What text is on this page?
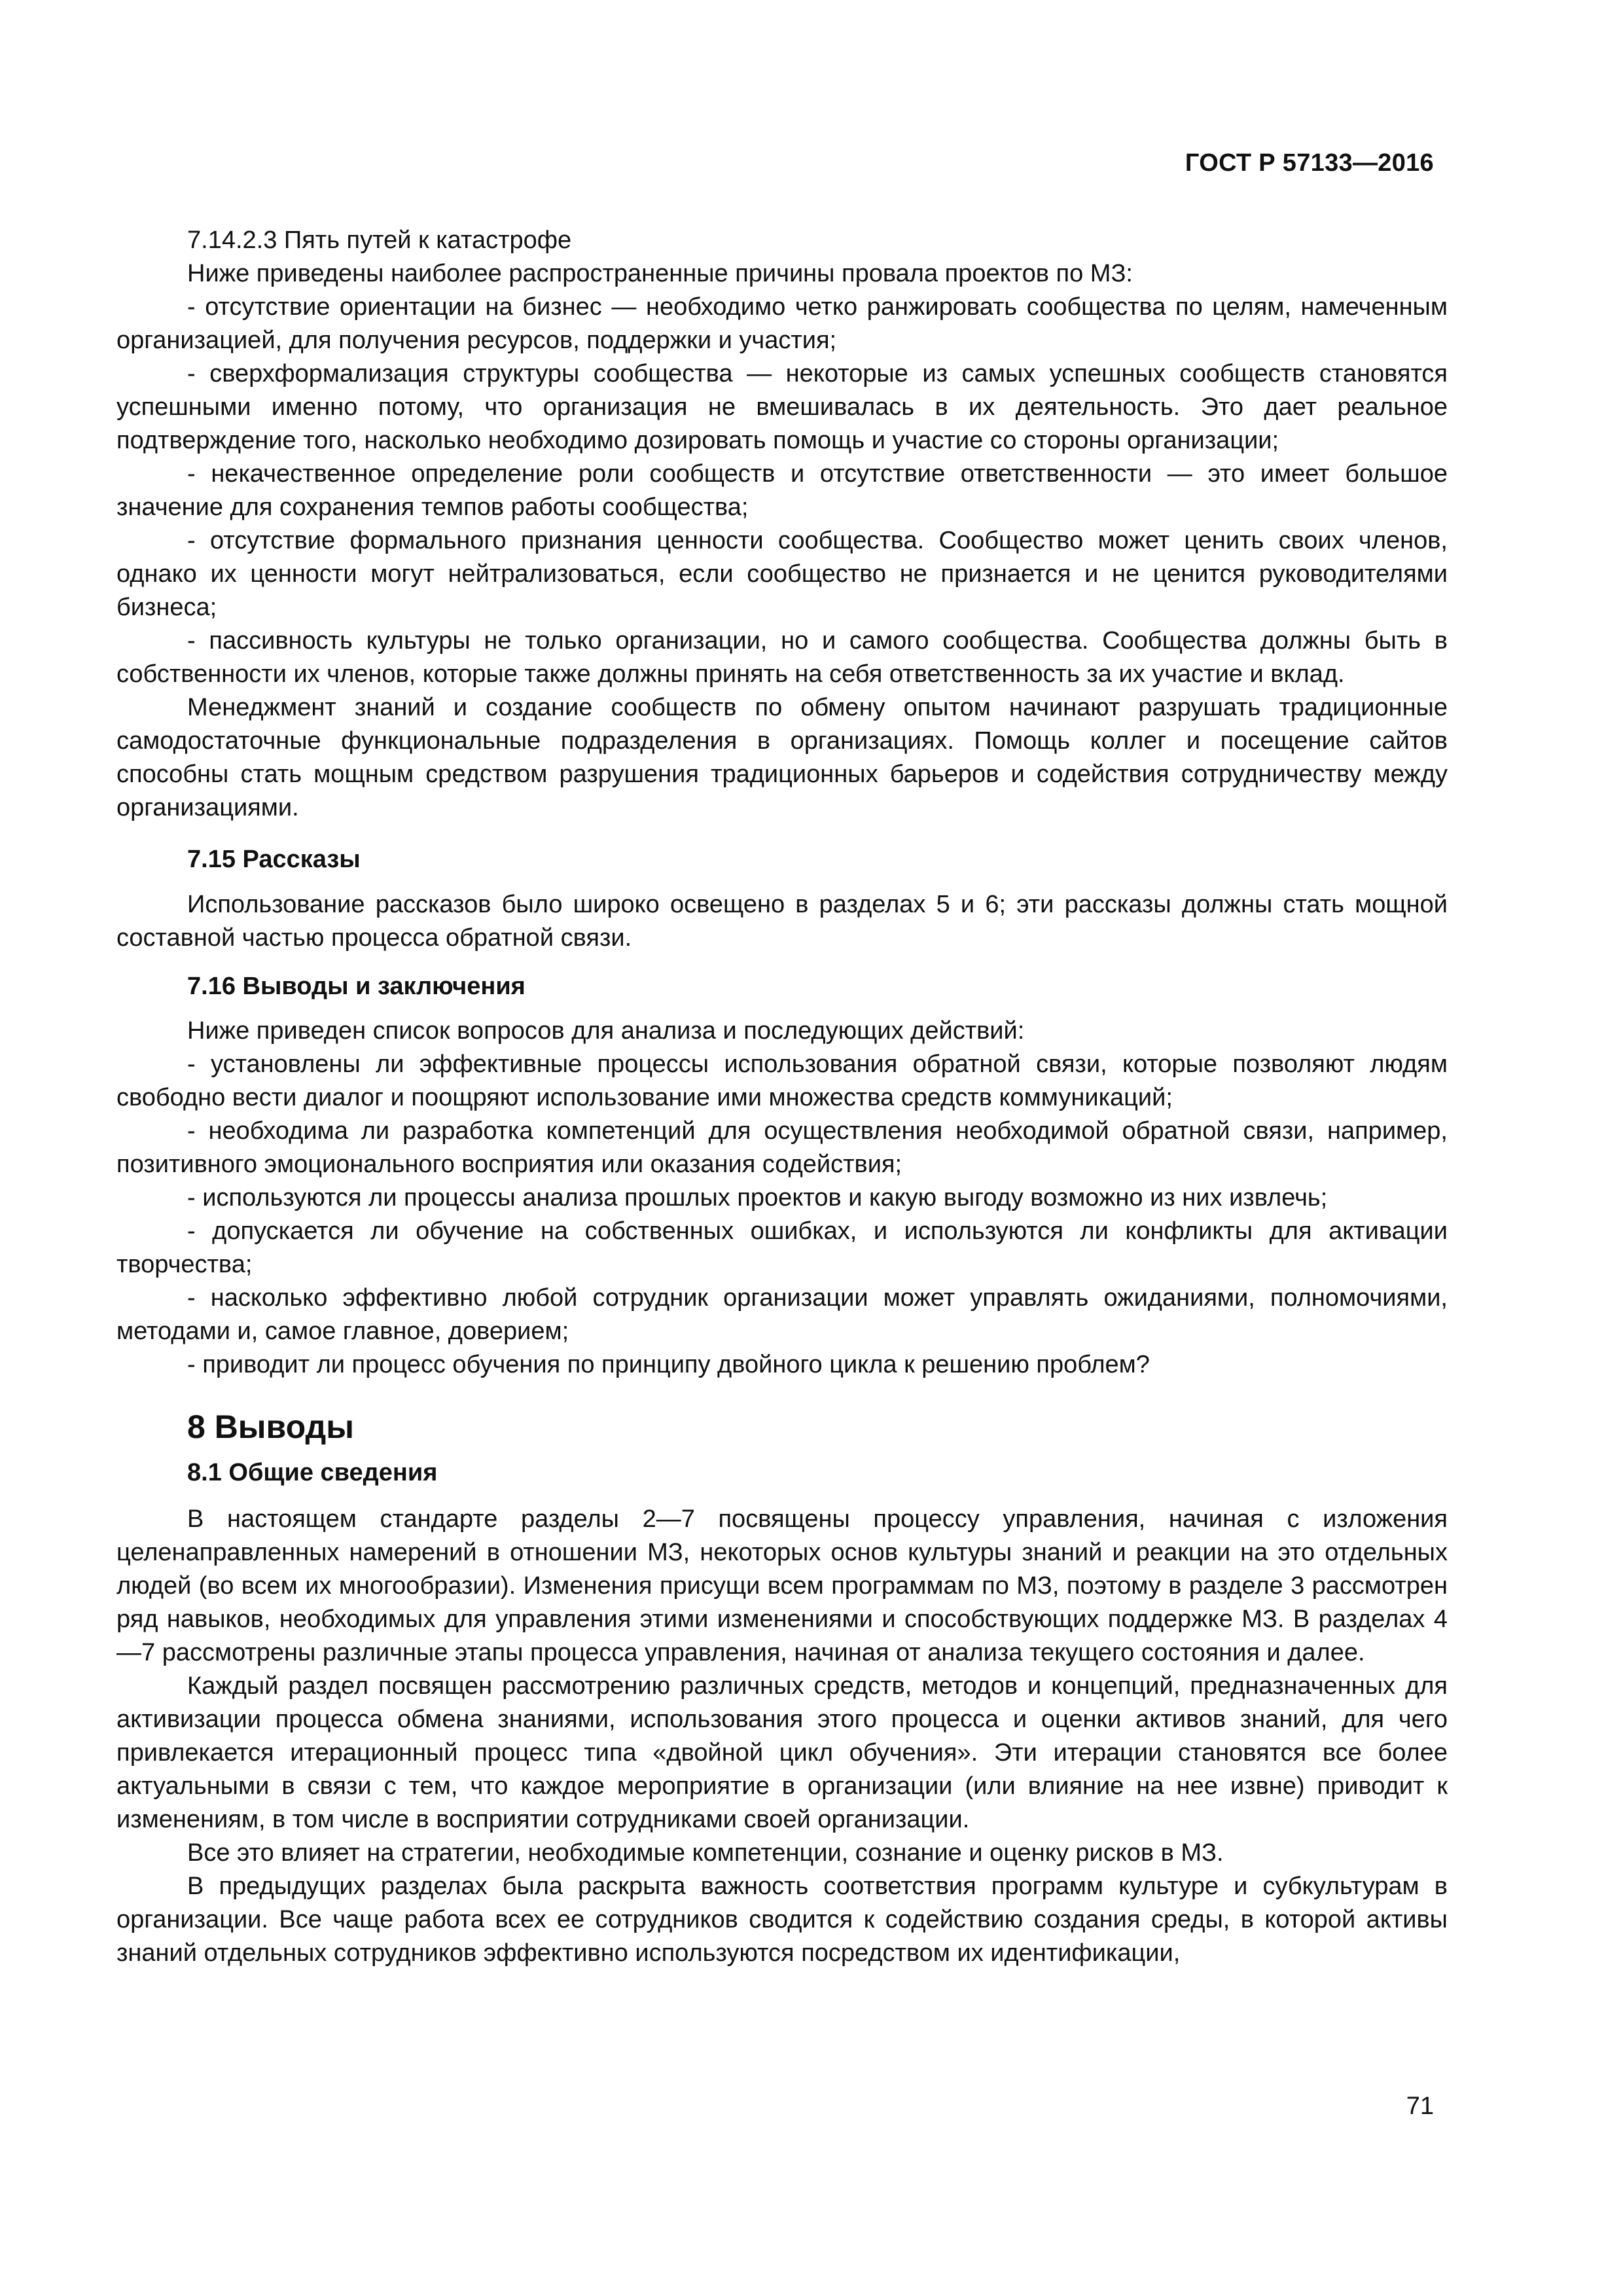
ГОСТ Р 57133—2016

7.14.2.3 Пять путей к катастрофе

Ниже приведены наиболее распространенные причины провала проектов по МЗ:

- отсутствие ориентации на бизнес — необходимо четко ранжировать сообщества по целям, намеченным организацией, для получения ресурсов, поддержки и участия;

- сверхформализация структуры сообщества — некоторые из самых успешных сообществ становятся успешными именно потому, что организация не вмешивалась в их деятельность. Это дает реальное подтверждение того, насколько необходимо дозировать помощь и участие со стороны организации;

- некачественное определение роли сообществ и отсутствие ответственности — это имеет большое значение для сохранения темпов работы сообщества;

- отсутствие формального признания ценности сообщества. Сообщество может ценить своих членов, однако их ценности могут нейтрализоваться, если сообщество не признается и не ценится руководителями бизнеса;

- пассивность культуры не только организации, но и самого сообщества. Сообщества должны быть в собственности их членов, которые также должны принять на себя ответственность за их участие и вклад.

Менеджмент знаний и создание сообществ по обмену опытом начинают разрушать традиционные самодостаточные функциональные подразделения в организациях. Помощь коллег и посещение сайтов способны стать мощным средством разрушения традиционных барьеров и содействия сотрудничеству между организациями.

7.15 Рассказы

Использование рассказов было широко освещено в разделах 5 и 6; эти рассказы должны стать мощной составной частью процесса обратной связи.

7.16 Выводы и заключения

Ниже приведен список вопросов для анализа и последующих действий:

- установлены ли эффективные процессы использования обратной связи, которые позволяют людям свободно вести диалог и поощряют использование ими множества средств коммуникаций;

- необходима ли разработка компетенций для осуществления необходимой обратной связи, например, позитивного эмоционального восприятия или оказания содействия;

- используются ли процессы анализа прошлых проектов и какую выгоду возможно из них извлечь;

- допускается ли обучение на собственных ошибках, и используются ли конфликты для активации творчества;

- насколько эффективно любой сотрудник организации может управлять ожиданиями, полномочиями, методами и, самое главное, доверием;

- приводит ли процесс обучения по принципу двойного цикла к решению проблем?

8 Выводы

8.1 Общие сведения

В настоящем стандарте разделы 2—7 посвящены процессу управления, начиная с изложения целенаправленных намерений в отношении МЗ, некоторых основ культуры знаний и реакции на это отдельных людей (во всем их многообразии). Изменения присущи всем программам по МЗ, поэтому в разделе 3 рассмотрен ряд навыков, необходимых для управления этими изменениями и способствующих поддержке МЗ. В разделах 4—7 рассмотрены различные этапы процесса управления, начиная от анализа текущего состояния и далее.

Каждый раздел посвящен рассмотрению различных средств, методов и концепций, предназначенных для активизации процесса обмена знаниями, использования этого процесса и оценки активов знаний, для чего привлекается итерационный процесс типа «двойной цикл обучения». Эти итерации становятся все более актуальными в связи с тем, что каждое мероприятие в организации (или влияние на нее извне) приводит к изменениям, в том числе в восприятии сотрудниками своей организации.

Все это влияет на стратегии, необходимые компетенции, сознание и оценку рисков в МЗ.

В предыдущих разделах была раскрыта важность соответствия программ культуре и субкультурам в организации. Все чаще работа всех ее сотрудников сводится к содействию создания среды, в которой активы знаний отдельных сотрудников эффективно используются посредством их идентификации,

71
